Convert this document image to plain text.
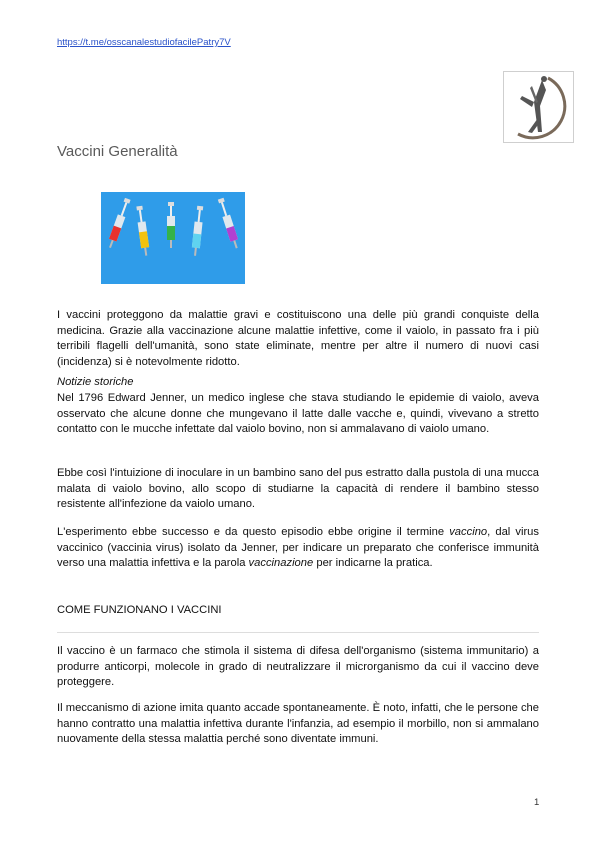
https://t.me/osscanalestudiofacilePatry7V
Vaccini Generalità

I vaccini proteggono da malattie gravi e costituiscono una delle più grandi conquiste della medicina. Grazie alla vaccinazione alcune malattie infettive, come il vaiolo, in passato fra i più terribili flagelli dell'umanità, sono state eliminate, mentre per altre il numero di nuovi casi (incidenza) si è notevolmente ridotto.

Notizie storiche

Nel 1796 Edward Jenner, un medico inglese che stava studiando le epidemie di vaiolo, aveva osservato che alcune donne che mungevano il latte dalle vacche e, quindi, vivevano a stretto contatto con le mucche infettate dal vaiolo bovino, non si ammalavano di vaiolo umano.

Ebbe così l'intuizione di inoculare in un bambino sano del pus estratto dalla pustola di una mucca malata di vaiolo bovino, allo scopo di studiarne la capacità di rendere il bambino stesso resistente all'infezione da vaiolo umano.

L'esperimento ebbe successo e da questo episodio ebbe origine il termine vaccino, dal virus vaccinico (vaccinia virus) isolato da Jenner, per indicare un preparato che conferisce immunità verso una malattia infettiva e la parola vaccinazione per indicarne la pratica.

COME FUNZIONANO I VACCINI

Il vaccino è un farmaco che stimola il sistema di difesa dell'organismo (sistema immunitario) a produrre anticorpi, molecole in grado di neutralizzare il microrganismo da cui il vaccino deve proteggere.

Il meccanismo di azione imita quanto accade spontaneamente. È noto, infatti, che le persone che hanno contratto una malattia infettiva durante l'infanzia, ad esempio il morbillo, non si ammalano nuovamente della stessa malattia perché sono diventate immuni.

1
